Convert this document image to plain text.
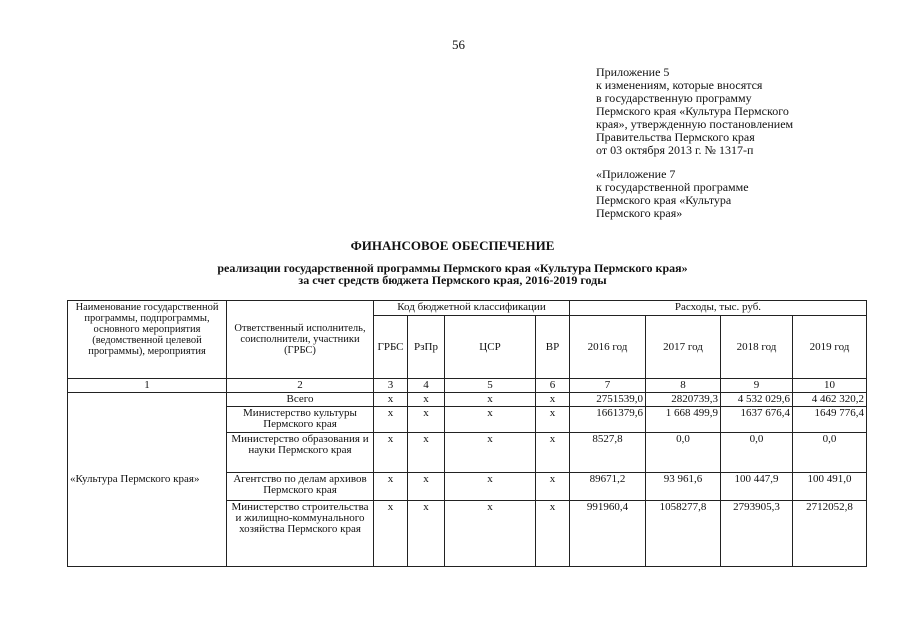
56
Приложение 5
к изменениям, которые вносятся
в государственную программу
Пермского края «Культура Пермского
края», утвержденную постановлением
Правительства Пермского края
от 03 октября 2013 г. № 1317-п
«Приложение 7
к государственной программе
Пермского края «Культура
Пермского края»
ФИНАНСОВОЕ ОБЕСПЕЧЕНИЕ
реализации государственной программы Пермского края «Культура Пермского края»
за счет средств бюджета Пермского края, 2016-2019 годы
Наименование государственной программы, подпрограммы, основного мероприятия (ведомственной целевой программы), мероприятия	Ответственный исполнитель, соисполнители, участники (ГРБС)	Код бюджетной классификации				Расходы, тыс. руб.			
		ГРБС	РзПр	ЦСР	ВР	2016 год	2017 год	2018 год	2019 год
1	2	3	4	5	6	7	8	9	10
«Культура Пермского края»	Всего	х	х	х	х	2751539,0	2820739,3	4 532 029,6	4 462 320,2
	Министерство культуры Пермского края	х	х	х	х	1661379,6	1 668 499,9	1637 676,4	1649 776,4
	Министерство образования и науки Пермского края	х	х	х	х	8527,8	0,0	0,0	0,0
	Агентство по делам архивов Пермского края	х	х	х	х	89671,2	93 961,6	100 447,9	100 491,0
	Министерство строительства и жилищно-коммунального хозяйства Пермского края	х	х	х	х	991960,4	1058277,8	2793905,3	2712052,8
